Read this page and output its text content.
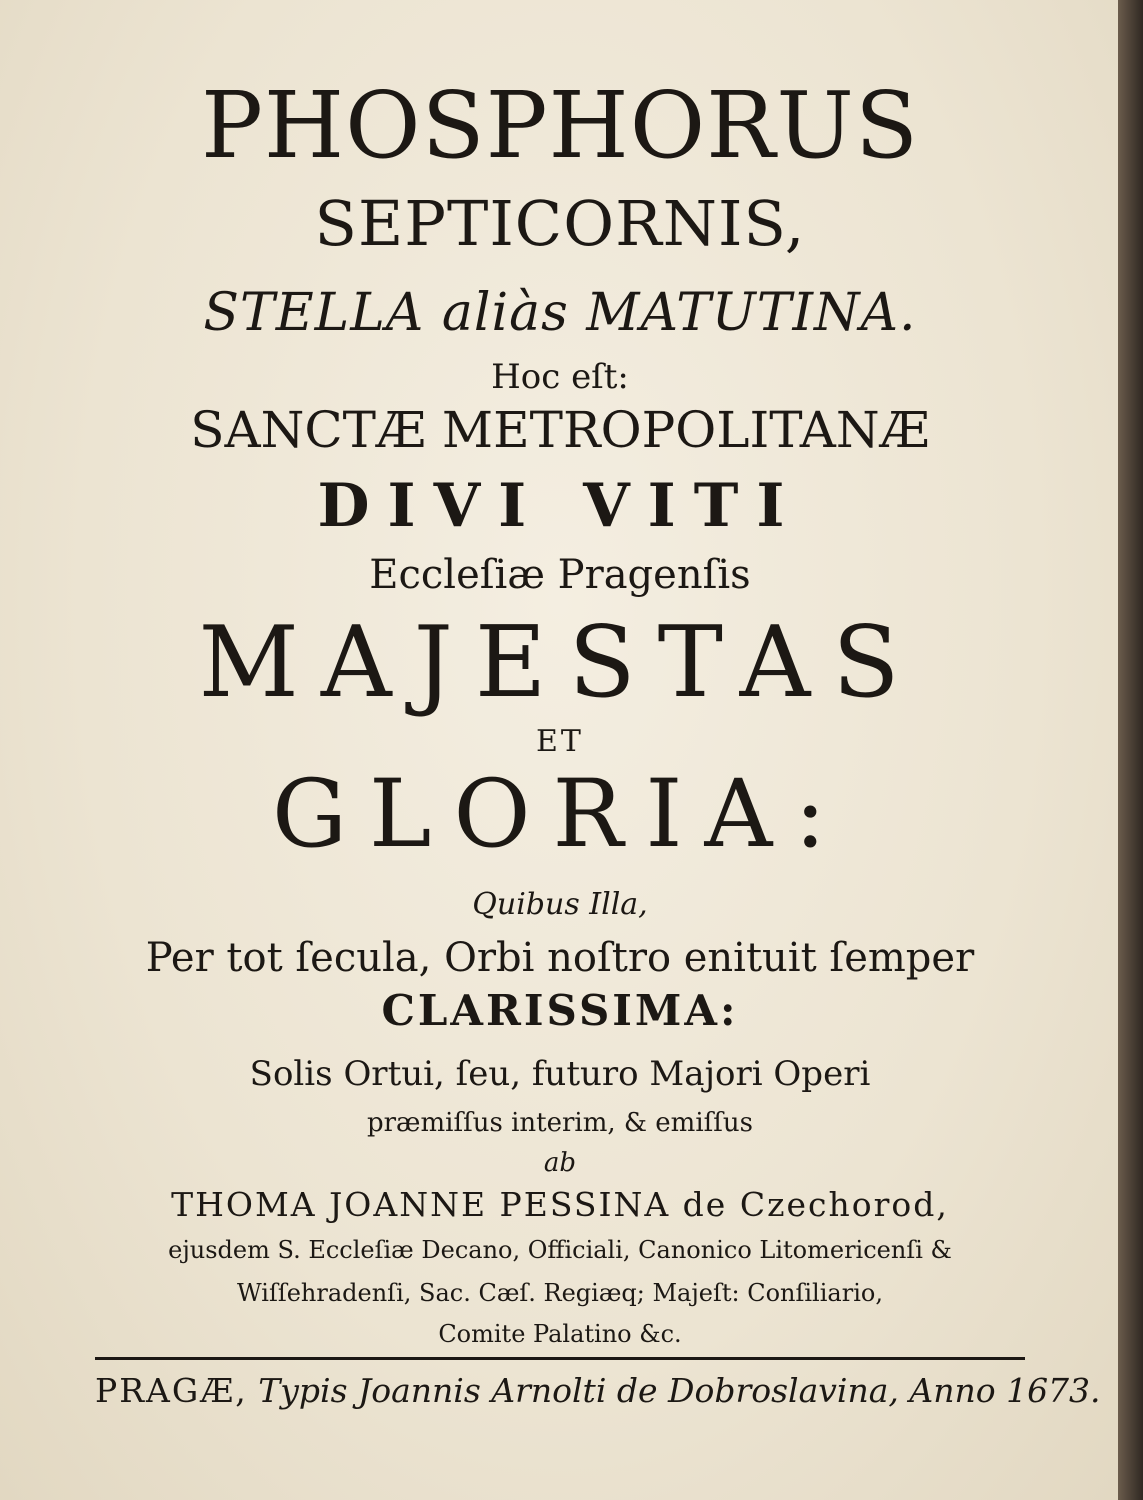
PHOSPHORUS
SEPTICORNIS,
STELLA aliàs MATUTINA.
Hoc eſt:
SANCTÆ METROPOLITANÆ
DIVI VITI
Eccleſiæ Pragenſis
MAJESTAS
ET
GLORIA:
Quibus Illa,
Per tot ſecula, Orbi noſtro enituit ſemper
CLARISSIMA:
Solis Ortui, ſeu, futuro Majori Operi
præmiſſus interim, & emiſſus
ab
THOMA JOANNE PESSINA de Czechorod,
ejusdem S. Eccleſiæ Decano, Officiali, Canonico Litomericenſi &
Wiſſehradenſi, Sac. Cæſ. Regiæq; Majeſt: Conſiliario,
Comite Palatino &c.
PRAGÆ, Typis Joannis Arnolti de Dobroslavina, Anno 1673.
